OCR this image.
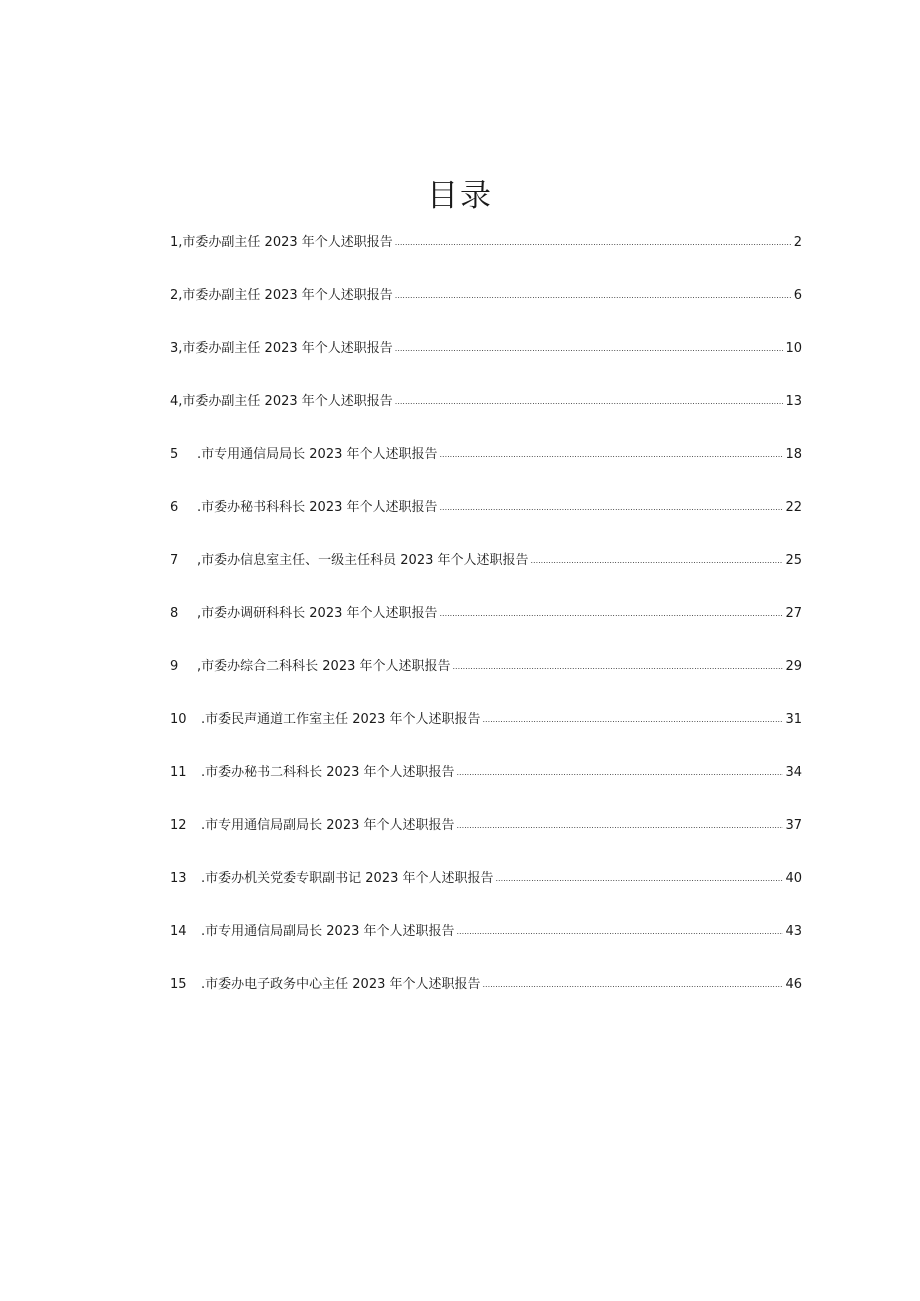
目录
1 , 市委办副主任 2023 年个人述职报告 .....	2
2 , 市委办副主任 2023 年个人述职报告 .....	6
3 , 市委办副主任 2023 年个人述职报告 .....	10
4 , 市委办副主任 2023 年个人述职报告 .....	13
5	. 市专用通信局局长 2023 年个人述职报告 .....	18
6	. 市委办秘书科科长 2023 年个人述职报告 .....	22
7	, 市委办信息室主任、一级主任科员 2023 年个人述职报告 .....	25
8	, 市委办调研科科长 2023 年个人述职报告 .....	27
9	, 市委办综合二科科长 2023 年个人述职报告 .....	29
10	. 市委民声通道工作室主任 2023 年个人述职报告 .....	31
11	. 市委办秘书二科科长 2023 年个人述职报告 .....	34
12	. 市专用通信局副局长 2023 年个人述职报告 .....	37
13	. 市委办机关党委专职副书记 2023 年个人述职报告 .....	40
14	. 市专用通信局副局长 2023 年个人述职报告 .....	43
15	. 市委办电子政务中心主任 2023 年个人述职报告 .....	46
